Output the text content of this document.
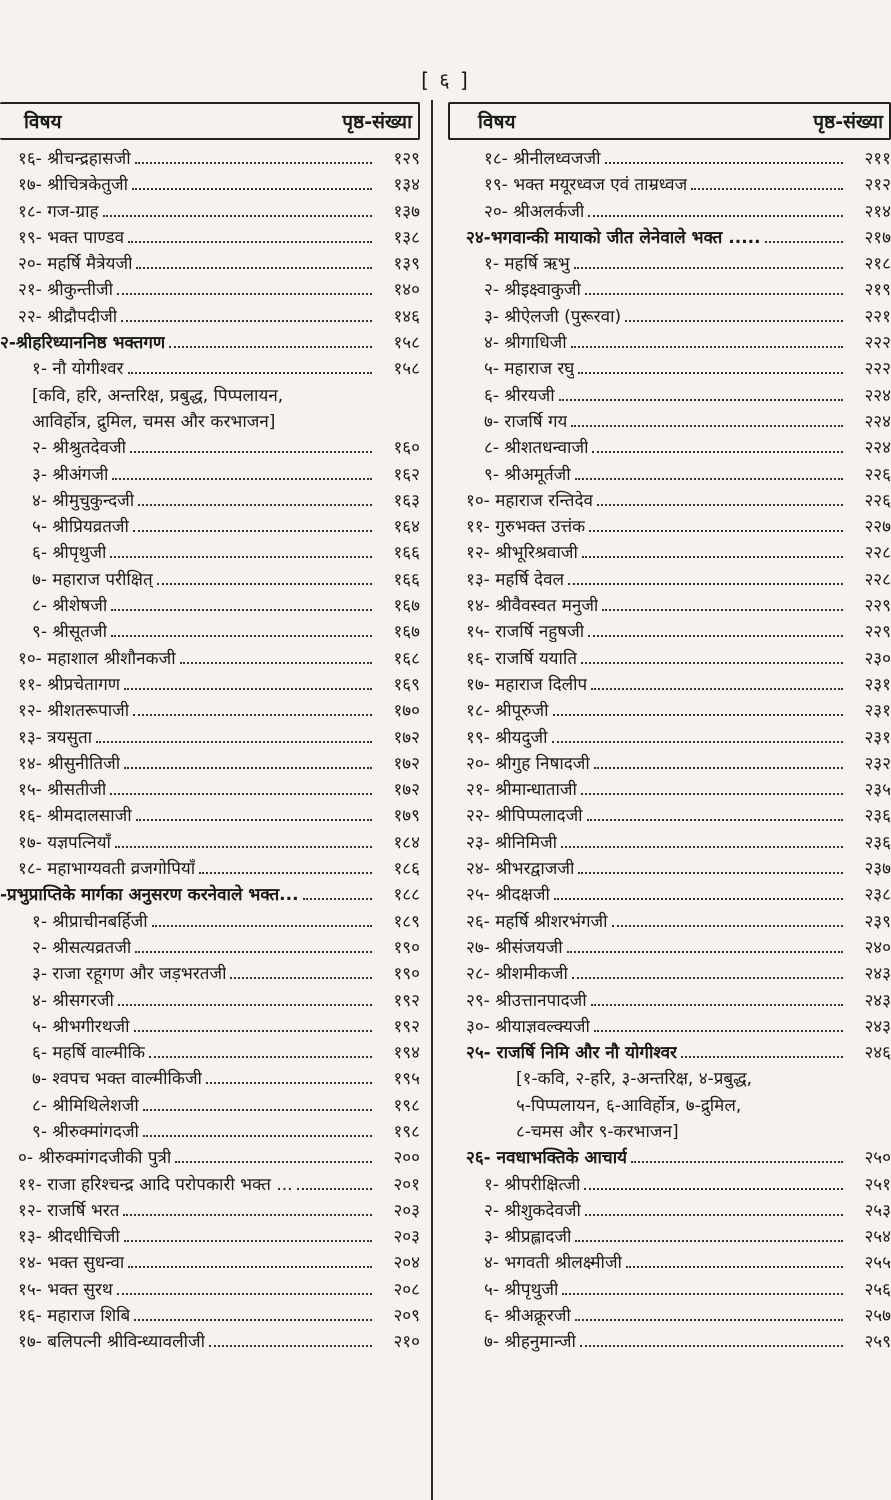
[ ६ ]
विषय	पृष्ठ-संख्या
१६- श्रीचन्द्रहासजी	१२९
१७- श्रीचित्रकेतुजी	१३४
१८- गज-ग्राह	१३७
१९- भक्त पाण्डव	१३८
२०- महर्षि मैत्रेयजी	१३९
२१- श्रीकुन्तीजी	१४०
२२- श्रीद्रौपदीजी	१४६
२-श्रीहरिध्याननिष्ठ भक्तगण	१५८
१- नौ योगीश्वर	१५८
[कवि, हरि, अन्तरिक्ष, प्रबुद्ध, पिप्पलायन,
आविर्होत्र, द्रुमिल, चमस और करभाजन]
२- श्रीश्रुतदेवजी	१६०
३- श्रीअंगजी	१६२
४- श्रीमुचुकुन्दजी	१६३
५- श्रीप्रियव्रतजी	१६४
६- श्रीपृथुजी	१६६
७- महाराज परीक्षित्	१६६
८- श्रीशेषजी	१६७
९- श्रीसूतजी	१६७
१०- महाशाल श्रीशौनकजी	१६८
११- श्रीप्रचेतागण	१६९
१२- श्रीशतरूपाजी	१७०
१३- त्रयसुता	१७२
१४- श्रीसुनीतिजी	१७२
१५- श्रीसतीजी	१७२
१६- श्रीमदालसाजी	१७९
१७- यज्ञपत्नियाँ	१८४
१८- महाभाग्यवती व्रजगोपियाँ	१८६
-प्रभुप्राप्तिके मार्गका अनुसरण करनेवाले भक्त...	१८८
१- श्रीप्राचीनबर्हिजी	१८९
२- श्रीसत्यव्रतजी	१९०
३- राजा रहूगण और जड़भरतजी	१९०
४- श्रीसगरजी	१९२
५- श्रीभगीरथजी	१९२
६- महर्षि वाल्मीकि	१९४
७- श्वपच भक्त वाल्मीकिजी	१९५
८- श्रीमिथिलेशजी	१९८
९- श्रीरुक्मांगदजी	१९८
०- श्रीरुक्मांगदजीकी पुत्री	२००
११- राजा हरिश्चन्द्र आदि परोपकारी भक्त ...	२०१
१२- राजर्षि भरत	२०३
१३- श्रीदधीचिजी	२०३
१४- भक्त सुधन्वा	२०४
१५- भक्त सुरथ	२०८
१६- महाराज शिबि	२०९
१७- बलिपत्नी श्रीविन्ध्यावलीजी	२१०
विषय	पृष्ठ-संख्या
१८- श्रीनीलध्वजजी	२११
१९- भक्त मयूरध्वज एवं ताम्रध्वज	२१२
२०- श्रीअलर्कजी	२१४
२४-भगवान्की मायाको जीत लेनेवाले भक्त .....	२१७
१- महर्षि ऋभु	२१८
२- श्रीइक्ष्वाकुजी	२१९
३- श्रीऐलजी (पुरूरवा)	२२१
४- श्रीगाधिजी	२२२
५- महाराज रघु	२२२
६- श्रीरयजी	२२४
७- राजर्षि गय	२२४
८- श्रीशतधन्वाजी	२२४
९- श्रीअमूर्तजी	२२६
१०- महाराज रन्तिदेव	२२६
११- गुरुभक्त उत्तंक	२२७
१२- श्रीभूरिश्रवाजी	२२८
१३- महर्षि देवल	२२८
१४- श्रीवैवस्वत मनुजी	२२९
१५- राजर्षि नहुषजी	२२९
१६- राजर्षि ययाति	२३०
१७- महाराज दिलीप	२३१
१८- श्रीपूरुजी	२३१
१९- श्रीयदुजी	२३१
२०- श्रीगुह निषादजी	२३२
२१- श्रीमान्धाताजी	२३५
२२- श्रीपिप्पलादजी	२३६
२३- श्रीनिमिजी	२३६
२४- श्रीभरद्वाजजी	२३७
२५- श्रीदक्षजी	२३८
२६- महर्षि श्रीशरभंगजी	२३९
२७- श्रीसंजयजी	२४०
२८- श्रीशमीकजी	२४३
२९- श्रीउत्तानपादजी	२४३
३०- श्रीयाज्ञवल्क्यजी	२४३
२५- राजर्षि निमि और नौ योगीश्वर	२४६
[१-कवि, २-हरि, ३-अन्तरिक्ष, ४-प्रबुद्ध,
५-पिप्पलायन, ६-आविर्होत्र, ७-द्रुमिल,
८-चमस और ९-करभाजन]
२६- नवधाभक्तिके आचार्य	२५०
१- श्रीपरीक्षित्जी	२५१
२- श्रीशुकदेवजी	२५३
३- श्रीप्रह्लादजी	२५४
४- भगवती श्रीलक्ष्मीजी	२५५
५- श्रीपृथुजी	२५६
६- श्रीअक्रूरजी	२५७
७- श्रीहनुमान्जी	२५९
